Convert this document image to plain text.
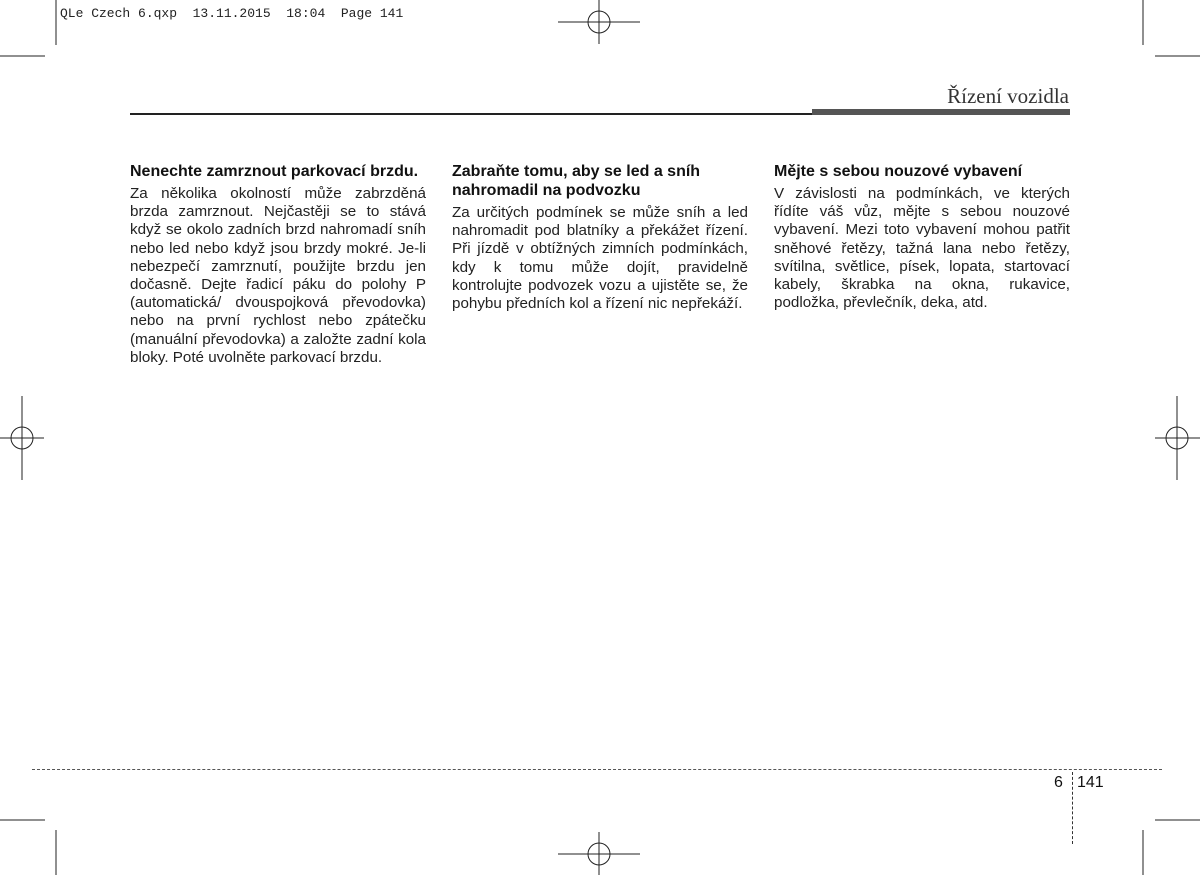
QLe Czech 6.qxp  13.11.2015  18:04  Page 141
Řízení vozidla
Nenechte zamrznout parkovací brzdu.

Za několika okolností může zabrzděná brzda zamrznout. Nejčastěji se to stává když se okolo zadních brzd nahromadí sníh nebo led nebo když jsou brzdy mokré. Je-li nebezpečí zamrznutí, použijte brzdu jen dočasně. Dejte řadicí páku do polohy P (automatická/ dvouspojková převodovka) nebo na první rychlost nebo zpátečku (manuální převodovka) a založte zadní kola bloky. Poté uvolněte parkovací brzdu.

Zabraňte tomu, aby se led a sníh nahromadil na podvozku

Za určitých podmínek se může sníh a led nahromadit pod blatníky a překážet řízení. Při jízdě v obtížných zimních podmínkách, kdy k tomu může dojít, pravidelně kontrolujte podvozek vozu a ujistěte se, že pohybu předních kol a řízení nic nepřekáží.

Mějte s sebou nouzové vybavení

V závislosti na podmínkách, ve kterých řídíte váš vůz, mějte s sebou nouzové vybavení. Mezi toto vybavení mohou patřit sněhové řetězy, tažná lana nebo řetězy, svítilna, světlice, písek, lopata, startovací kabely, škrabka na okna, rukavice, podložka, převlečník, deka, atd.

6 141
